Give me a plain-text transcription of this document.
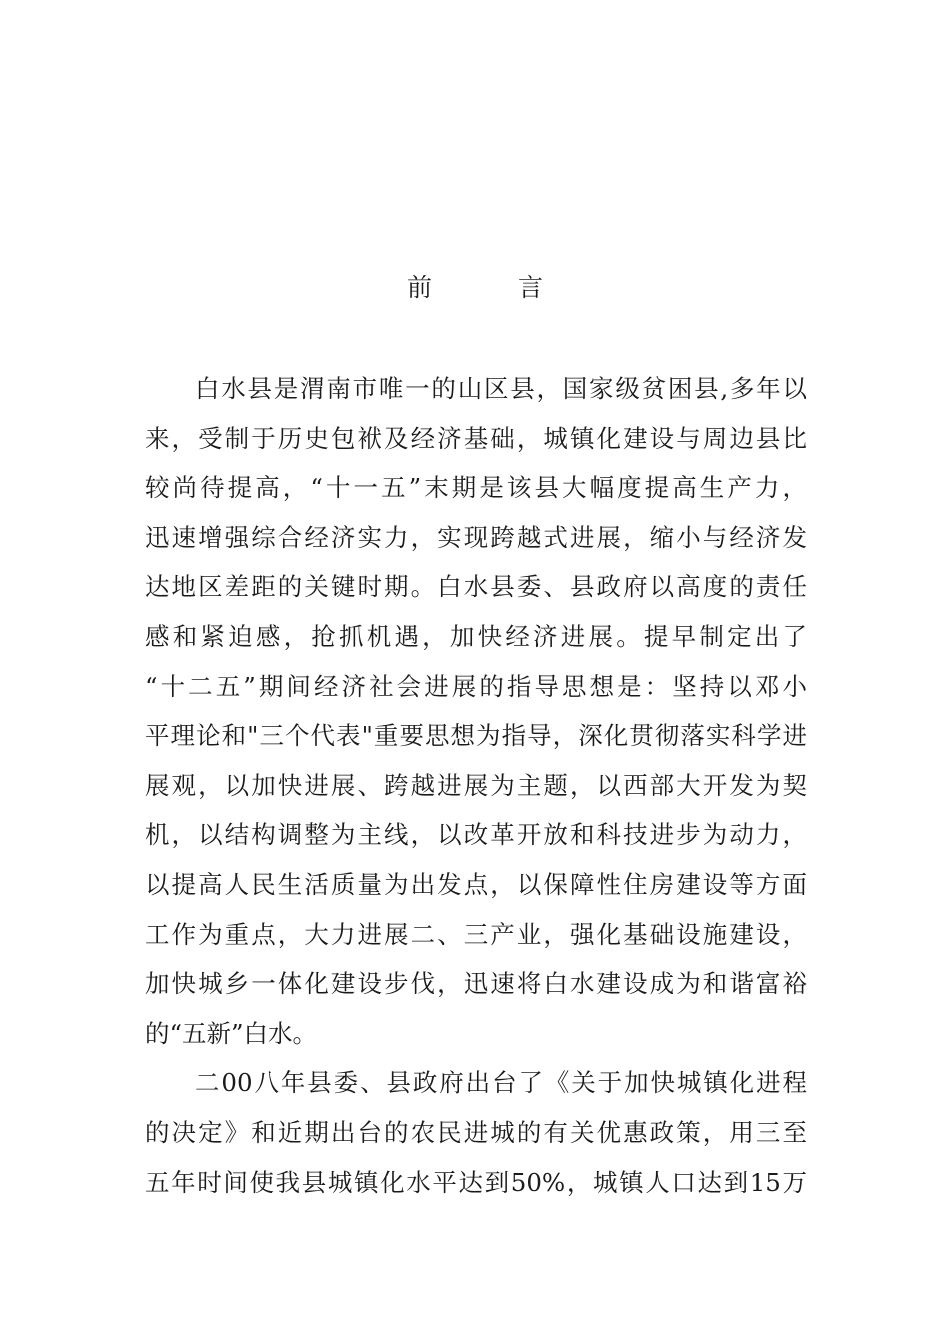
前	言
白水县是渭南市唯一的山区县，国家级贫困县,多年以
来，受制于历史包袱及经济基础，城镇化建设与周边县比
较尚待提高，“十一五”末期是该县大幅度提高生产力，
迅速增强综合经济实力，实现跨越式进展，缩小与经济发
达地区差距的关键时期。白水县委、县政府以高度的责任
感和紧迫感，抢抓机遇，加快经济进展。提早制定出了
“十二五”期间经济社会进展的指导思想是：坚持以邓小
平理论和"三个代表"重要思想为指导，深化贯彻落实科学进
展观，以加快进展、跨越进展为主题，以西部大开发为契
机，以结构调整为主线，以改革开放和科技进步为动力，
以提高人民生活质量为出发点，以保障性住房建设等方面
工作为重点，大力进展二、三产业，强化基础设施建设，
加快城乡一体化建设步伐，迅速将白水建设成为和谐富裕
的“五新”白水。
二00八年县委、县政府出台了《关于加快城镇化进程
的决定》和近期出台的农民进城的有关优惠政策，用三至
五年时间使我县城镇化水平达到50%，城镇人口达到15万
